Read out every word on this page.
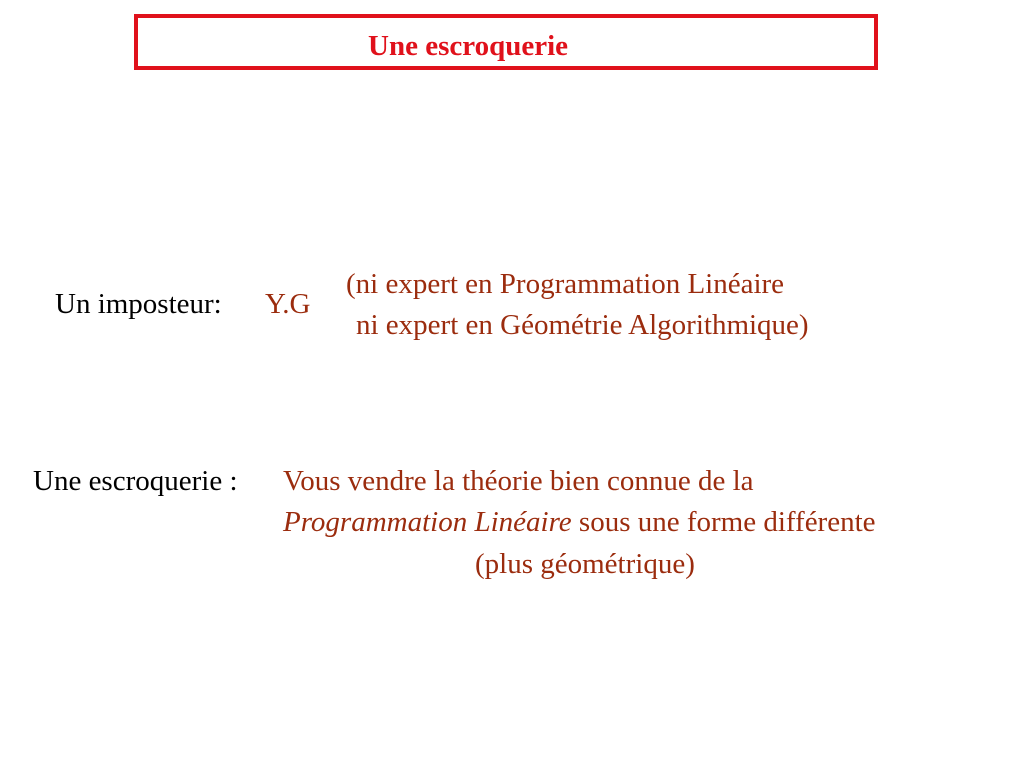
Une escroquerie
Un imposteur: Y.G
(ni expert en Programmation Linéaire
ni expert en Géométrie Algorithmique)
Une escroquerie : Vous vendre la théorie bien connue de la
Programmation Linéaire sous une forme différente
(plus géométrique)
